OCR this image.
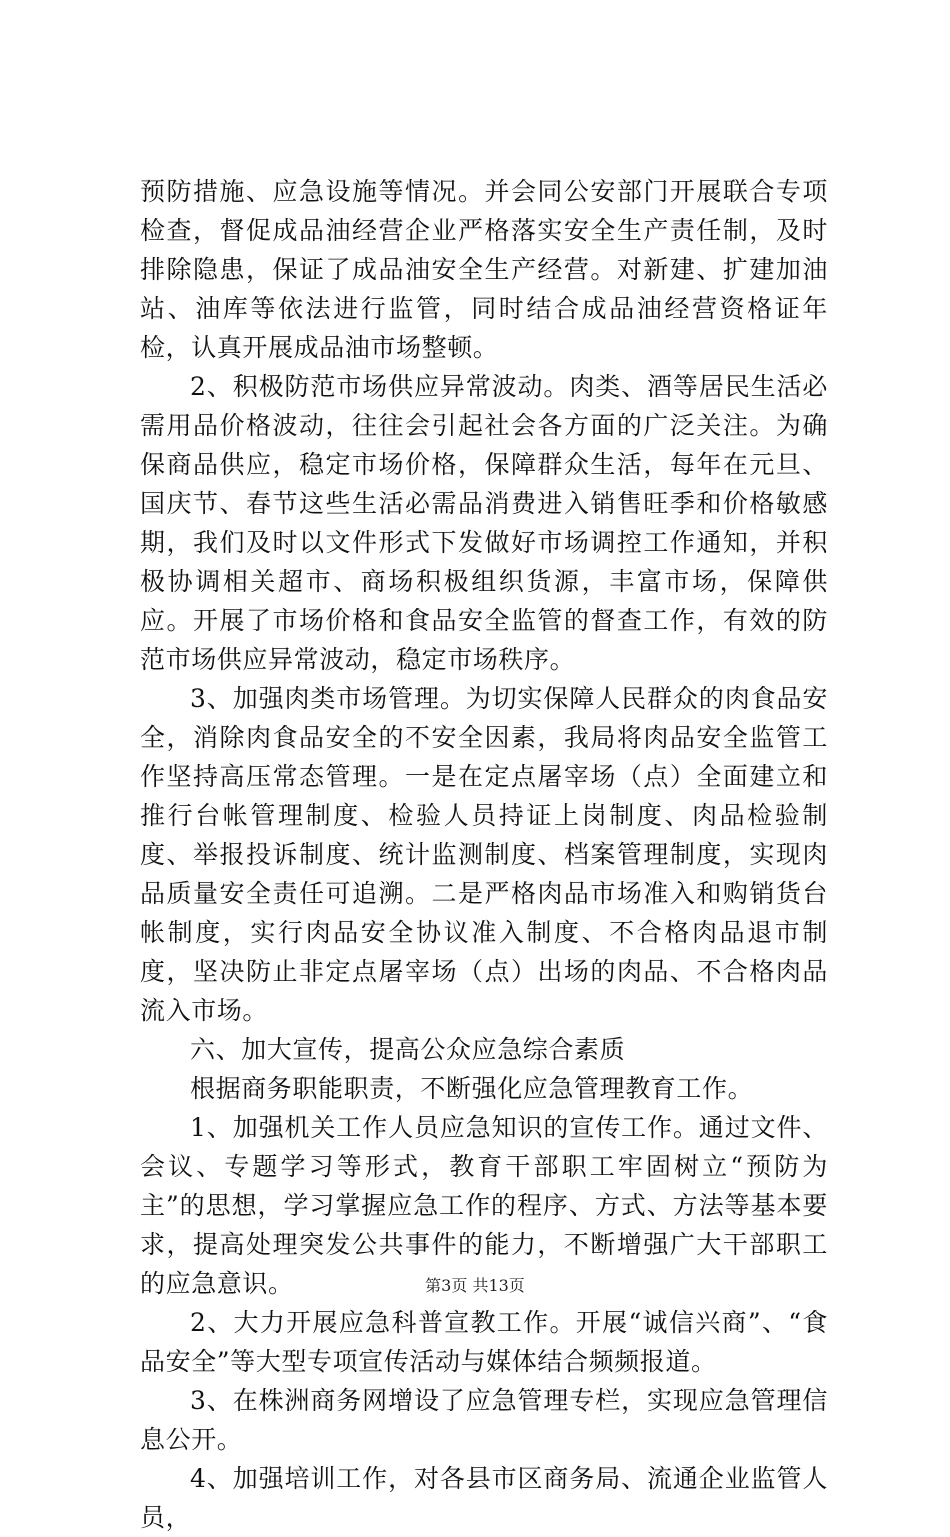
预防措施、应急设施等情况。并会同公安部门开展联合专项检查，督促成品油经营企业严格落实安全生产责任制，及时排除隐患，保证了成品油安全生产经营。对新建、扩建加油站、油库等依法进行监管，同时结合成品油经营资格证年检，认真开展成品油市场整顿。

2、积极防范市场供应异常波动。肉类、酒等居民生活必需用品价格波动，往往会引起社会各方面的广泛关注。为确保商品供应，稳定市场价格，保障群众生活，每年在元旦、国庆节、春节这些生活必需品消费进入销售旺季和价格敏感期，我们及时以文件形式下发做好市场调控工作通知，并积极协调相关超市、商场积极组织货源，丰富市场，保障供应。开展了市场价格和食品安全监管的督查工作，有效的防范市场供应异常波动，稳定市场秩序。

3、加强肉类市场管理。为切实保障人民群众的肉食品安全，消除肉食品安全的不安全因素，我局将肉品安全监管工作坚持高压常态管理。一是在定点屠宰场（点）全面建立和推行台帐管理制度、检验人员持证上岗制度、肉品检验制度、举报投诉制度、统计监测制度、档案管理制度，实现肉品质量安全责任可追溯。二是严格肉品市场准入和购销货台帐制度，实行肉品安全协议准入制度、不合格肉品退市制度，坚决防止非定点屠宰场（点）出场的肉品、不合格肉品流入市场。

六、加大宣传，提高公众应急综合素质

根据商务职能职责，不断强化应急管理教育工作。

1、加强机关工作人员应急知识的宣传工作。通过文件、会议、专题学习等形式，教育干部职工牢固树立“预防为主”的思想，学习掌握应急工作的程序、方式、方法等基本要求，提高处理突发公共事件的能力，不断增强广大干部职工的应急意识。

2、大力开展应急科普宣教工作。开展“诚信兴商”、“食品安全”等大型专项宣传活动与媒体结合频频报道。

3、在株洲商务网增设了应急管理专栏，实现应急管理信息公开。

4、加强培训工作，对各县市区商务局、流通企业监管人员，

第3页 共13页
